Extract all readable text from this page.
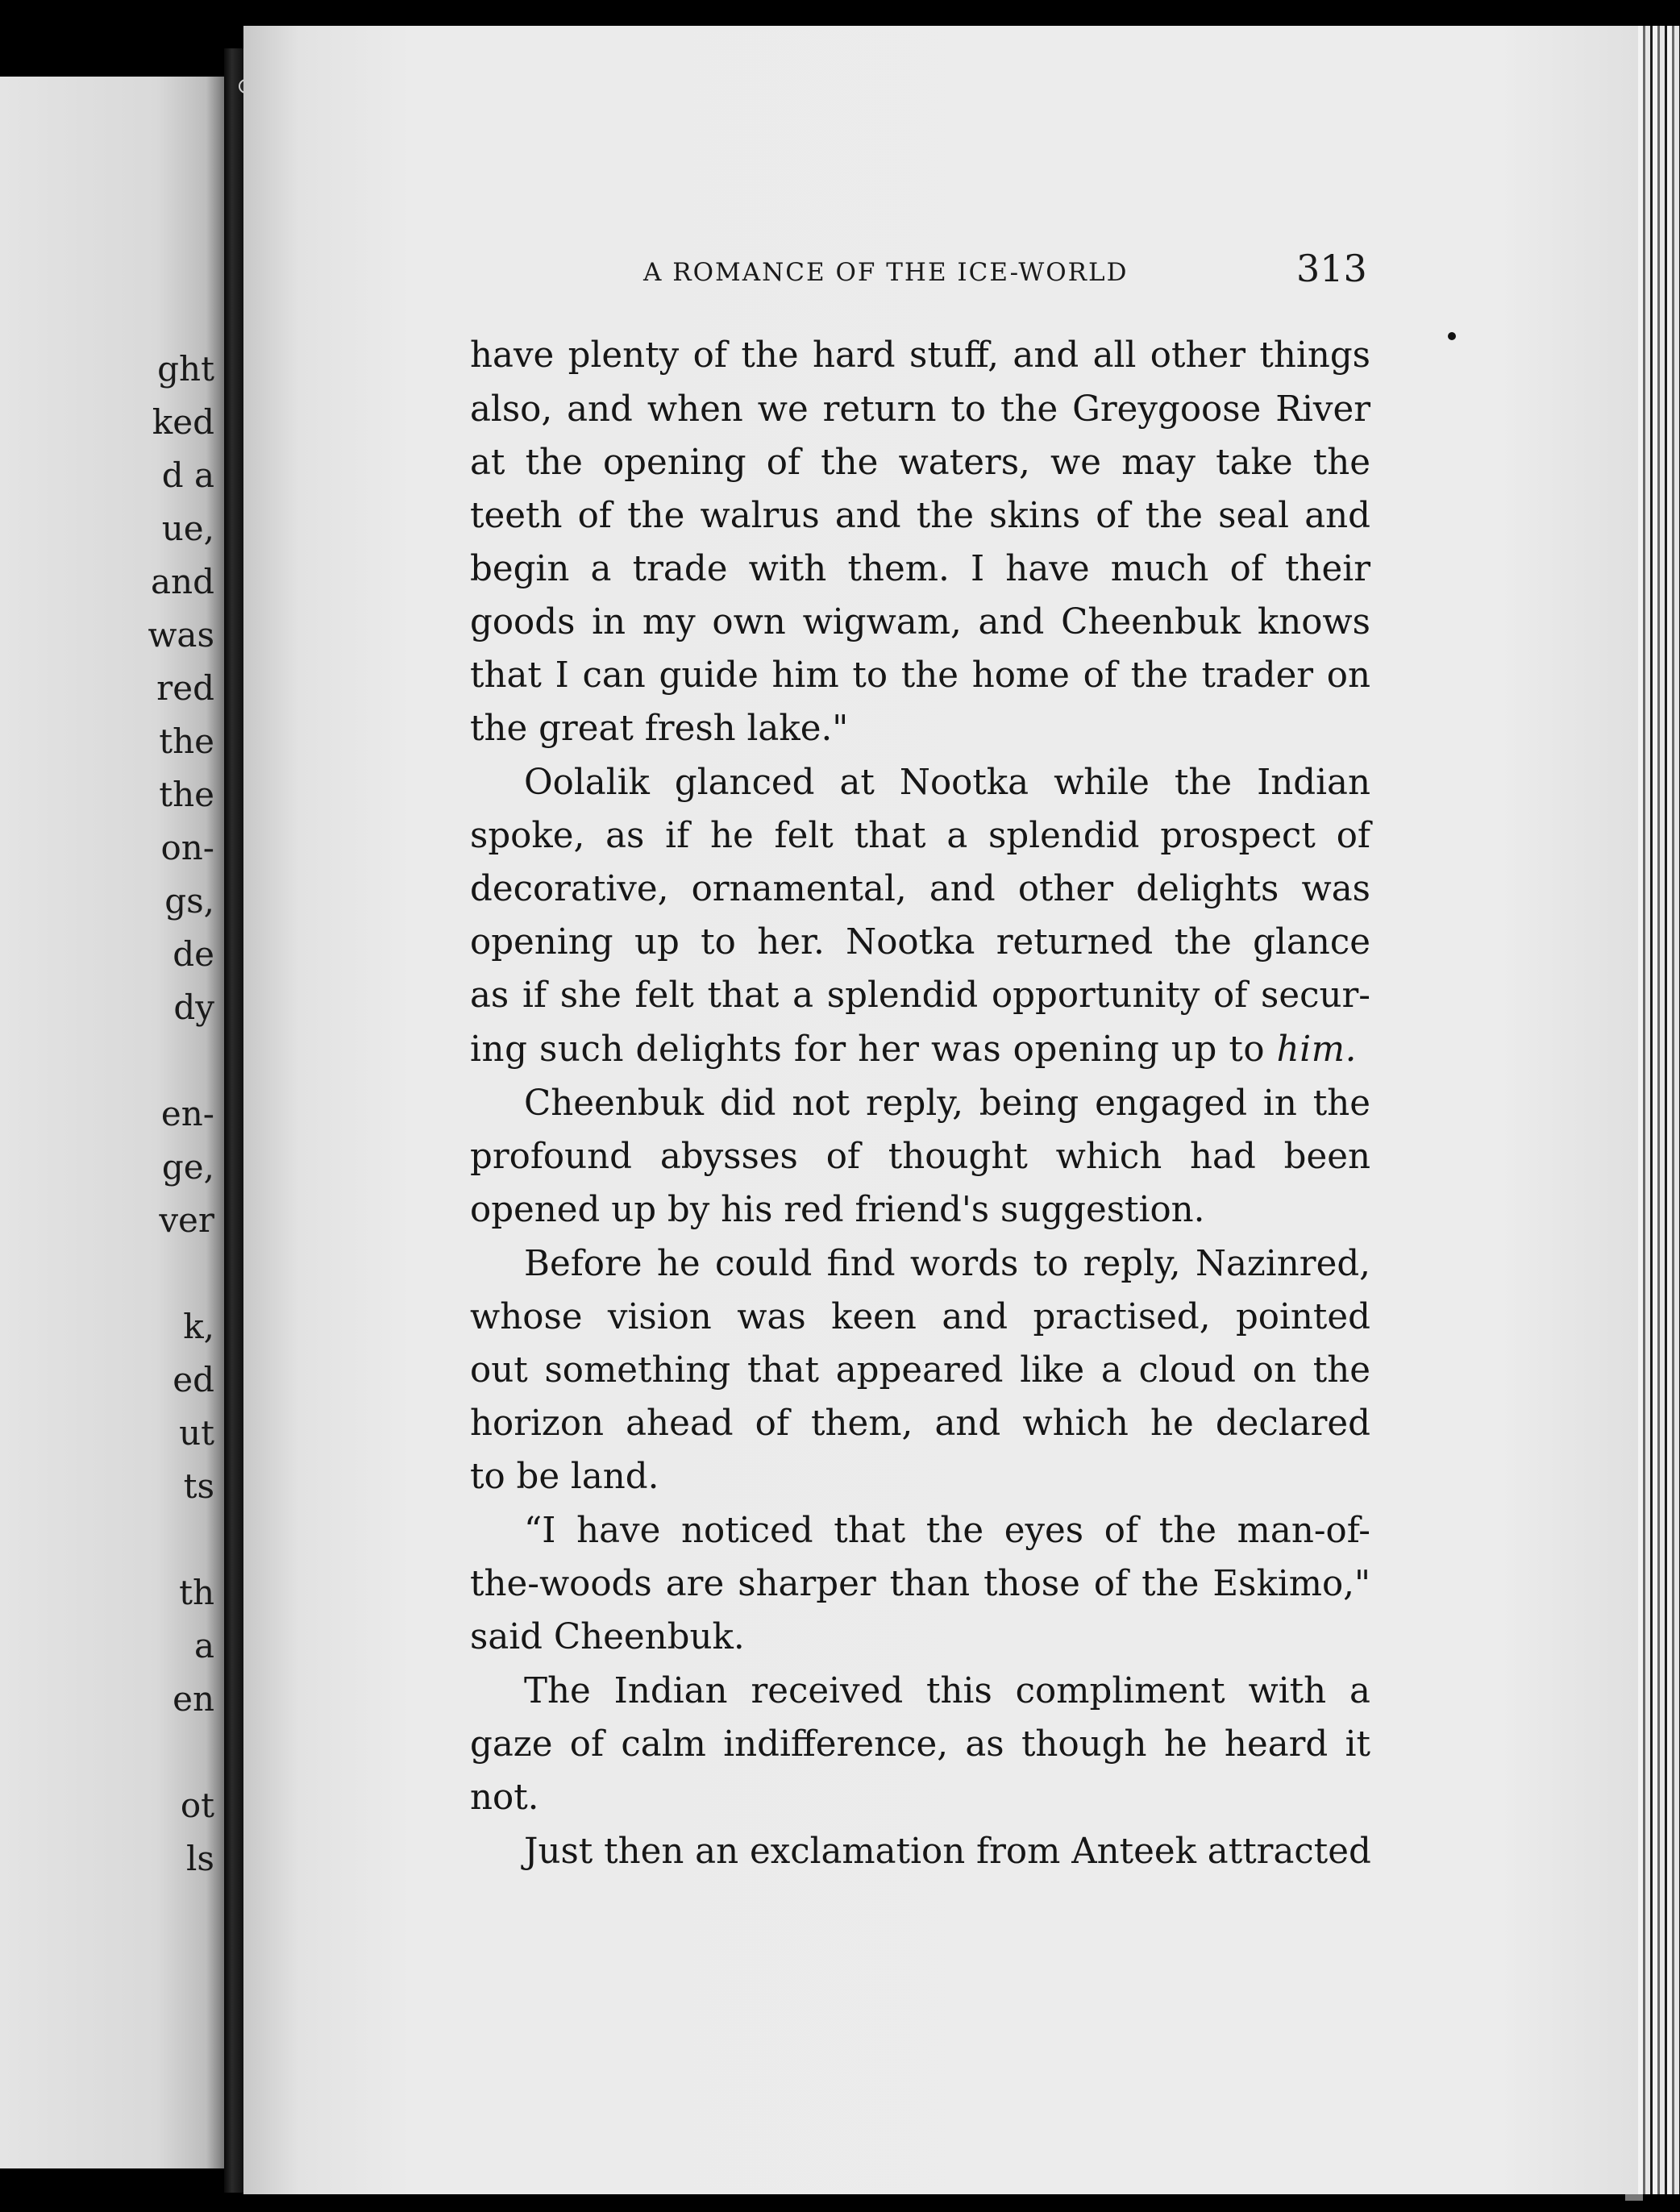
ght
ked
d a
ue,
and
was
red
the
the
on-
gs,
de
dy
en-
ge,
ver
k,
ed
ut
ts
th
a
en
ot
ls
A ROMANCE OF THE ICE-WORLD	313
have plenty of the hard stuff, and all other things
also, and when we return to the Greygoose River
at the opening of the waters, we may take the
teeth of the walrus and the skins of the seal and
begin a trade with them. I have much of their
goods in my own wigwam, and Cheenbuk knows
that I can guide him to the home of the trader on
the great fresh lake."
Oolalik glanced at Nootka while the Indian
spoke, as if he felt that a splendid prospect of
decorative, ornamental, and other delights was
opening up to her. Nootka returned the glance
as if she felt that a splendid opportunity of secur-
ing such delights for her was opening up to him.
Cheenbuk did not reply, being engaged in the
profound abysses of thought which had been
opened up by his red friend's suggestion.
Before he could find words to reply, Nazinred,
whose vision was keen and practised, pointed
out something that appeared like a cloud on the
horizon ahead of them, and which he declared
to be land.
“I have noticed that the eyes of the man-of-
the-woods are sharper than those of the Eskimo,"
said Cheenbuk.
The Indian received this compliment with a
gaze of calm indifference, as though he heard it
not.
Just then an exclamation from Anteek attracted
